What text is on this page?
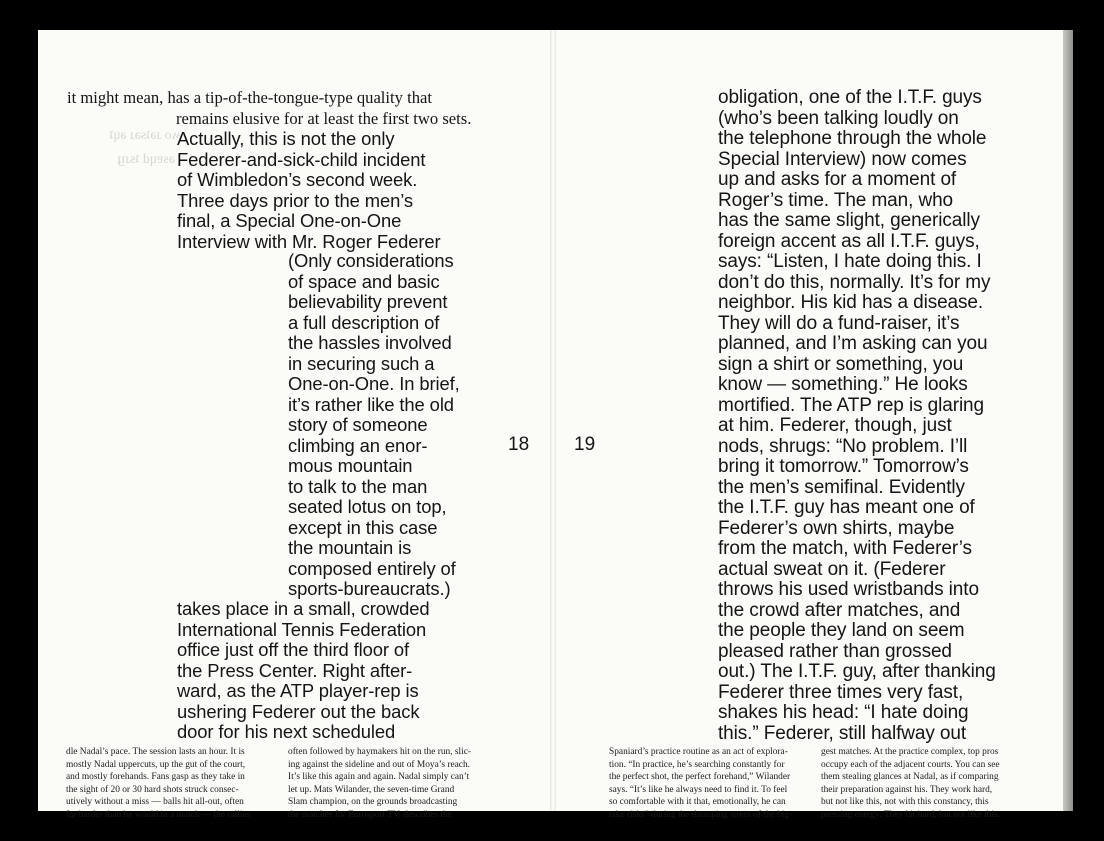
ʍo ɹǝʇsǝɹ ǝɥʇ
ǝsɐɥd ʇsɹᴉɟ

it might mean, has a tip-of-the-tongue-type quality that
remains elusive for at least the first two sets.
Actually, this is not the only
Federer-and-sick-child incident
of Wimbledon’s second week.
Three days prior to the men’s
final, a Special One-on-One
Interview with Mr. Roger Federer
(Only considerations
of space and basic
believability prevent
a full description of
the hassles involved
in securing such a
One-on-One. In brief,
it’s rather like the old
story of someone
climbing an enor-
mous mountain
to talk to the man
seated lotus on top,
except in this case
the mountain is
composed entirely of
sports-bureaucrats.)
takes place in a small, crowded
International Tennis Federation
office just off the third floor of
the Press Center. Right after-
ward, as the ATP player-rep is
ushering Federer out the back
door for his next scheduled
18
dle Nadal’s pace. The session lasts an hour. It is
mostly Nadal uppercuts, up the gut of the court,
and mostly forehands. Fans gasp as they take in
the sight of 20 or 30 hard shots struck consec-
utively without a miss — balls hit all-out, often
far harder than he would in a match — the rallies
often followed by haymakers hit on the run, slic-
ing against the sideline and out of Moya’s reach.
It’s like this again and again. Nadal simply can’t
let up. Mats Wilander, the seven-time Grand
Slam champion, on the grounds broadcasting
the matches for Eurosport TV, describes the

19
obligation, one of the I.T.F. guys
(who’s been talking loudly on
the telephone through the whole
Special Interview) now comes
up and asks for a moment of
Roger’s time. The man, who
has the same slight, generically
foreign accent as all I.T.F. guys,
says: “Listen, I hate doing this. I
don’t do this, normally. It’s for my
neighbor. His kid has a disease.
They will do a fund-raiser, it’s
planned, and I’m asking can you
sign a shirt or something, you
know — something.” He looks
mortified. The ATP rep is glaring
at him. Federer, though, just
nods, shrugs: “No problem. I’ll
bring it tomorrow.” Tomorrow’s
the men’s semifinal. Evidently
the I.T.F. guy has meant one of
Federer’s own shirts, maybe
from the match, with Federer’s
actual sweat on it. (Federer
throws his used wristbands into
the crowd after matches, and
the people they land on seem
pleased rather than grossed
out.) The I.T.F. guy, after thanking
Federer three times very fast,
shakes his head: “I hate doing
this.” Federer, still halfway out
Spaniard’s practice routine as an act of explora-
tion. “In practice, he’s searching constantly for
the perfect shot, the perfect forehand,” Wilander
says. “It’s like he always need to find it. To feel
so comfortable with it that, emotionally, he can
take risks” during the thumping stress of the big-
gest matches. At the practice complex, top pros
occupy each of the adjacent courts. You can see
them stealing glances at Nadal, as if comparing
their preparation against his. They work hard,
but not like this, not with this constancy, this
pressing energy. They hit hard, but not like this.
